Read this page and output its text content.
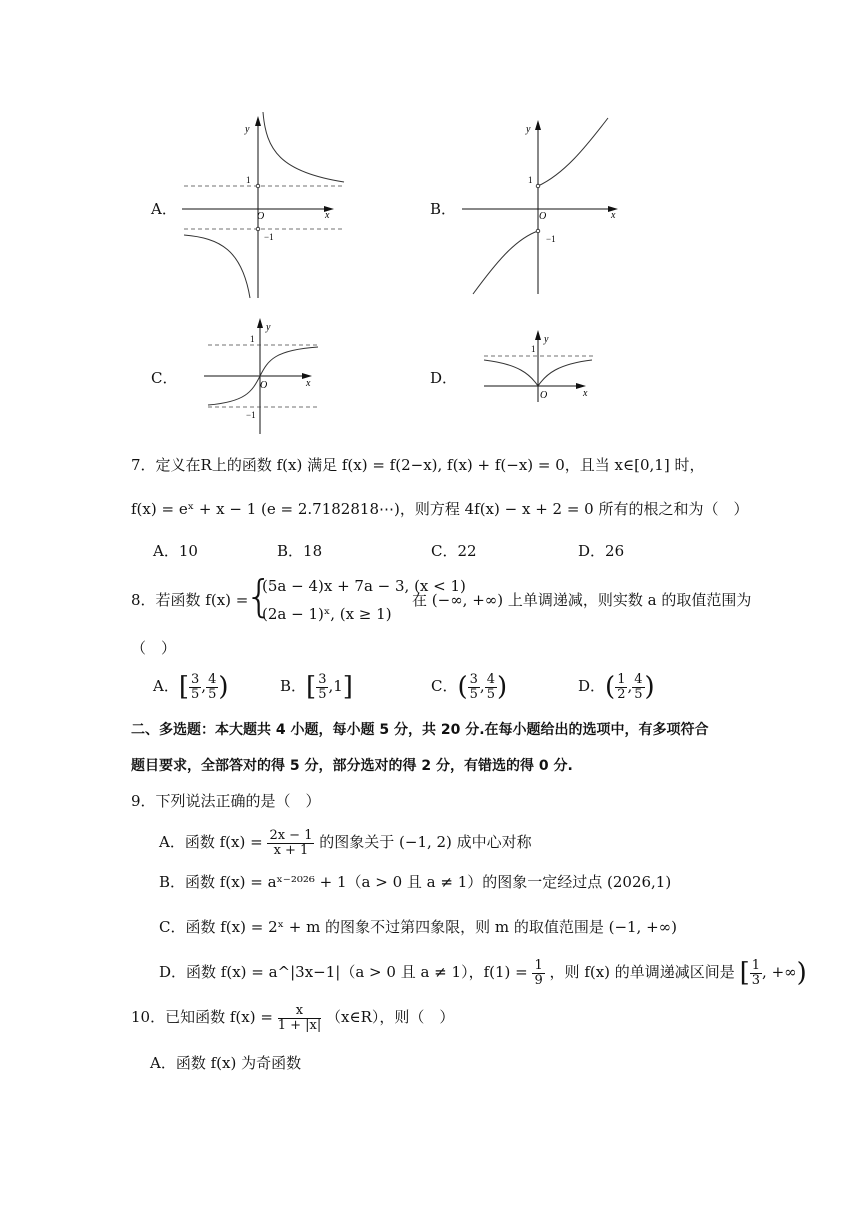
A．
y
x
O
1
−1
B．
y
x
O
1
−1
C．
y
x
O
1
−1
D．
y
x
O
1
7．定义在R上的函数 f(x) 满足 f(x) = f(2−x), f(x) + f(−x) = 0，且当 x∈[0,1] 时，
f(x) = eˣ + x − 1 (e = 2.7182818⋯)，则方程 4f(x) − x + 2 = 0 所有的根之和为（　）
A．10	B．18	C．22	D．26
8．若函数 f(x) =
{
(5a − 4)x + 7a − 3, (x < 1)
(2a − 1)ˣ, (x ≥ 1)
在 (−∞, +∞) 上单调递减，则实数 a 的取值范围为
（　）
A．[ $\frac{3}{5}$ , $\frac{4}{5}$ )	B．[ $\frac{3}{5} ,1$]	C．( $\frac{3}{5}$ , $\frac{4}{5}$ )	D．( $\frac{1}{2}$ , $\frac{4}{5}$ )
二、多选题：本大题共 4 小题，每小题 5 分，共 20 分.在每小题给出的选项中，有多项符合
题目要求，全部答对的得 5 分，部分选对的得 2 分，有错选的得 0 分.
9．下列说法正确的是（　）
A．函数 $f(x) = \frac{2x - 1}{x + 1}$ 的图象关于 (−1, 2) 成中心对称
B．函数 f(x) = aˣ⁻²⁰²⁶ + 1（a > 0 且 a ≠ 1）的图象一定经过点 (2026,1)
C．函数 f(x) = 2ˣ + m 的图象不过第四象限，则 m 的取值范围是 (−1, +∞)
D．函数 f(x) = a^|3x−1|（a > 0 且 a ≠ 1），$f(1) = \frac{1}{9}$ ，则 f(x) 的单调递减区间是 [ $\frac{1}{3}$ , +∞)
10．已知函数 $f(x) = \frac{x}{1 + |x|}$ （x∈R），则（　）
A．函数 f(x) 为奇函数
